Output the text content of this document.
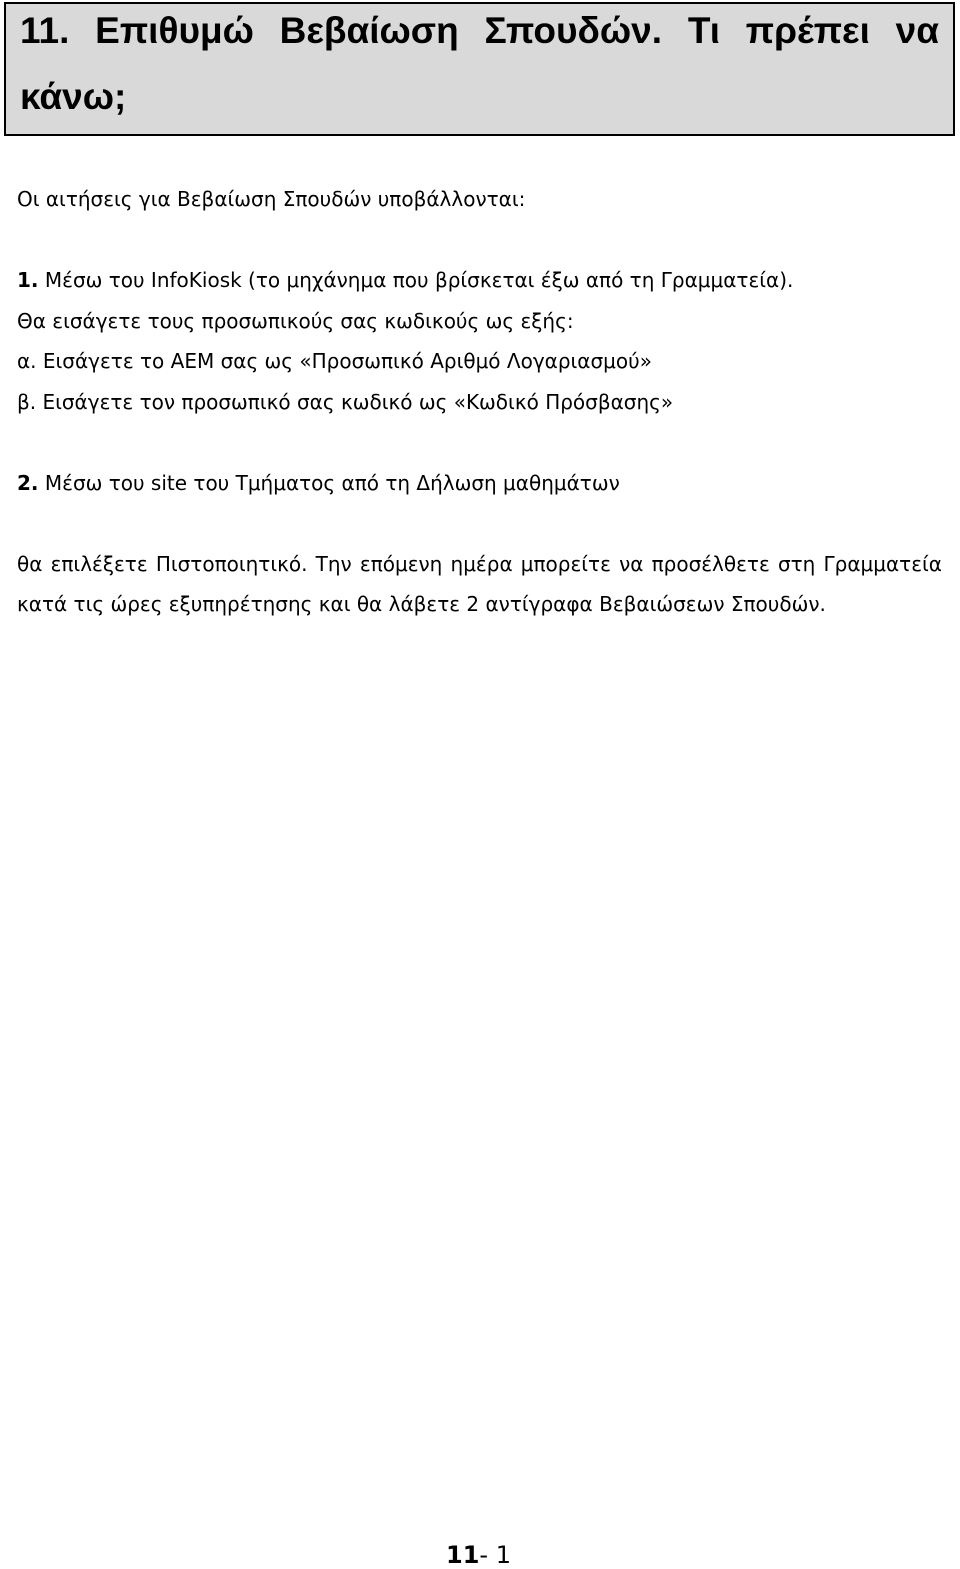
11. Επιθυμώ Βεβαίωση Σπουδών. Τι πρέπει να
κάνω;
Οι αιτήσεις για Βεβαίωση Σπουδών υποβάλλονται:
1. Μέσω του InfoKiosk (το μηχάνημα που βρίσκεται έξω από τη Γραμματεία).
Θα εισάγετε τους προσωπικούς σας κωδικούς ως εξής:
α. Εισάγετε το ΑΕΜ σας ως «Προσωπικό Αριθμό Λογαριασμού»
β. Εισάγετε τον προσωπικό σας κωδικό ως «Κωδικό Πρόσβασης»
2. Μέσω του site του Τμήματος από τη Δήλωση μαθημάτων
θα επιλέξετε Πιστοποιητικό. Την επόμενη ημέρα μπορείτε να προσέλθετε στη Γραμματεία
κατά τις ώρες εξυπηρέτησης και θα λάβετε 2 αντίγραφα Βεβαιώσεων Σπουδών.
11- 1
